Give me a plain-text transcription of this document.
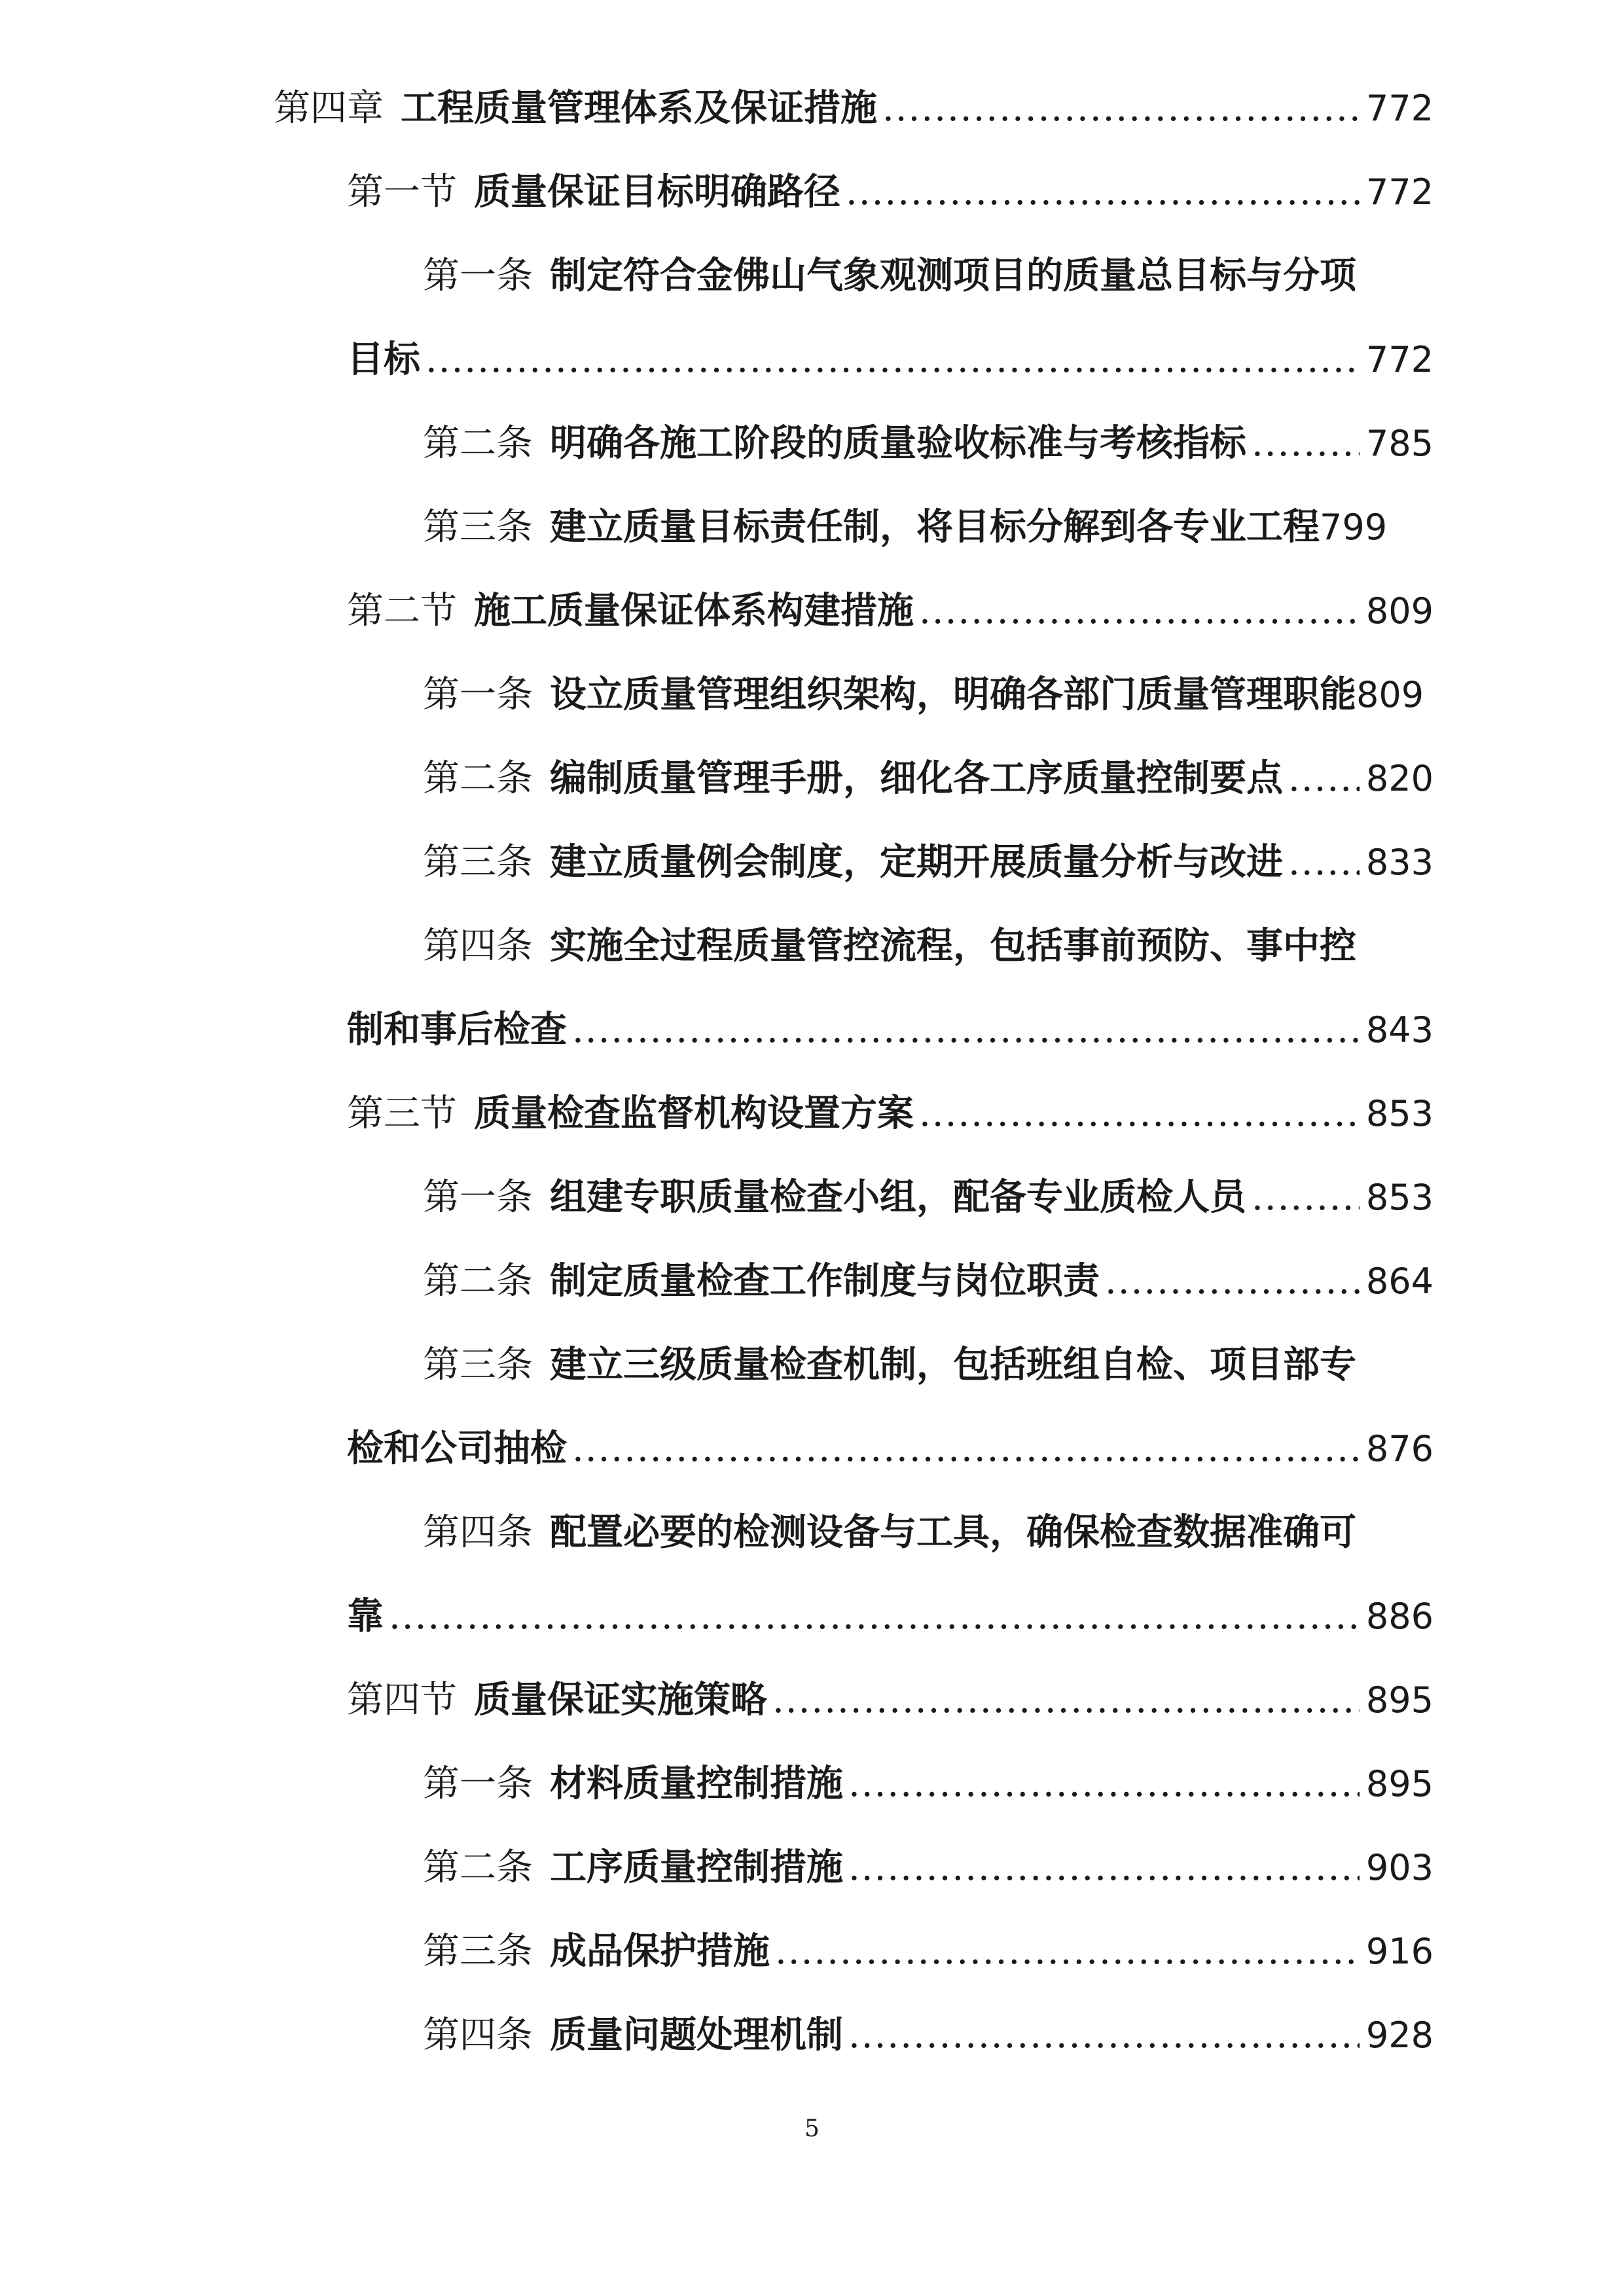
第四章 工程质量管理体系及保证措施 .....	772
第一节 质量保证目标明确路径 .....	772
第一条 制定符合金佛山气象观测项目的质量总目标与分项
目标 .....	772
第二条 明确各施工阶段的质量验收标准与考核指标 .....	785
第三条 建立质量目标责任制，将目标分解到各专业工程 799
第二节 施工质量保证体系构建措施 .....	809
第一条 设立质量管理组织架构，明确各部门质量管理职能 809
第二条 编制质量管理手册，细化各工序质量控制要点 ..... 820
第三条 建立质量例会制度，定期开展质量分析与改进 ..... 833
第四条 实施全过程质量管控流程，包括事前预防、事中控
制和事后检查 .....	843
第三节 质量检查监督机构设置方案 .....	853
第一条 组建专职质量检查小组，配备专业质检人员 .....	853
第二条 制定质量检查工作制度与岗位职责 .....	864
第三条 建立三级质量检查机制，包括班组自检、项目部专
检和公司抽检 .....	876
第四条 配置必要的检测设备与工具，确保检查数据准确可
靠 .....	886
第四节 质量保证实施策略 .....	895
第一条 材料质量控制措施 .....	895
第二条 工序质量控制措施 .....	903
第三条 成品保护措施 .....	916
第四条 质量问题处理机制 .....	928
5
